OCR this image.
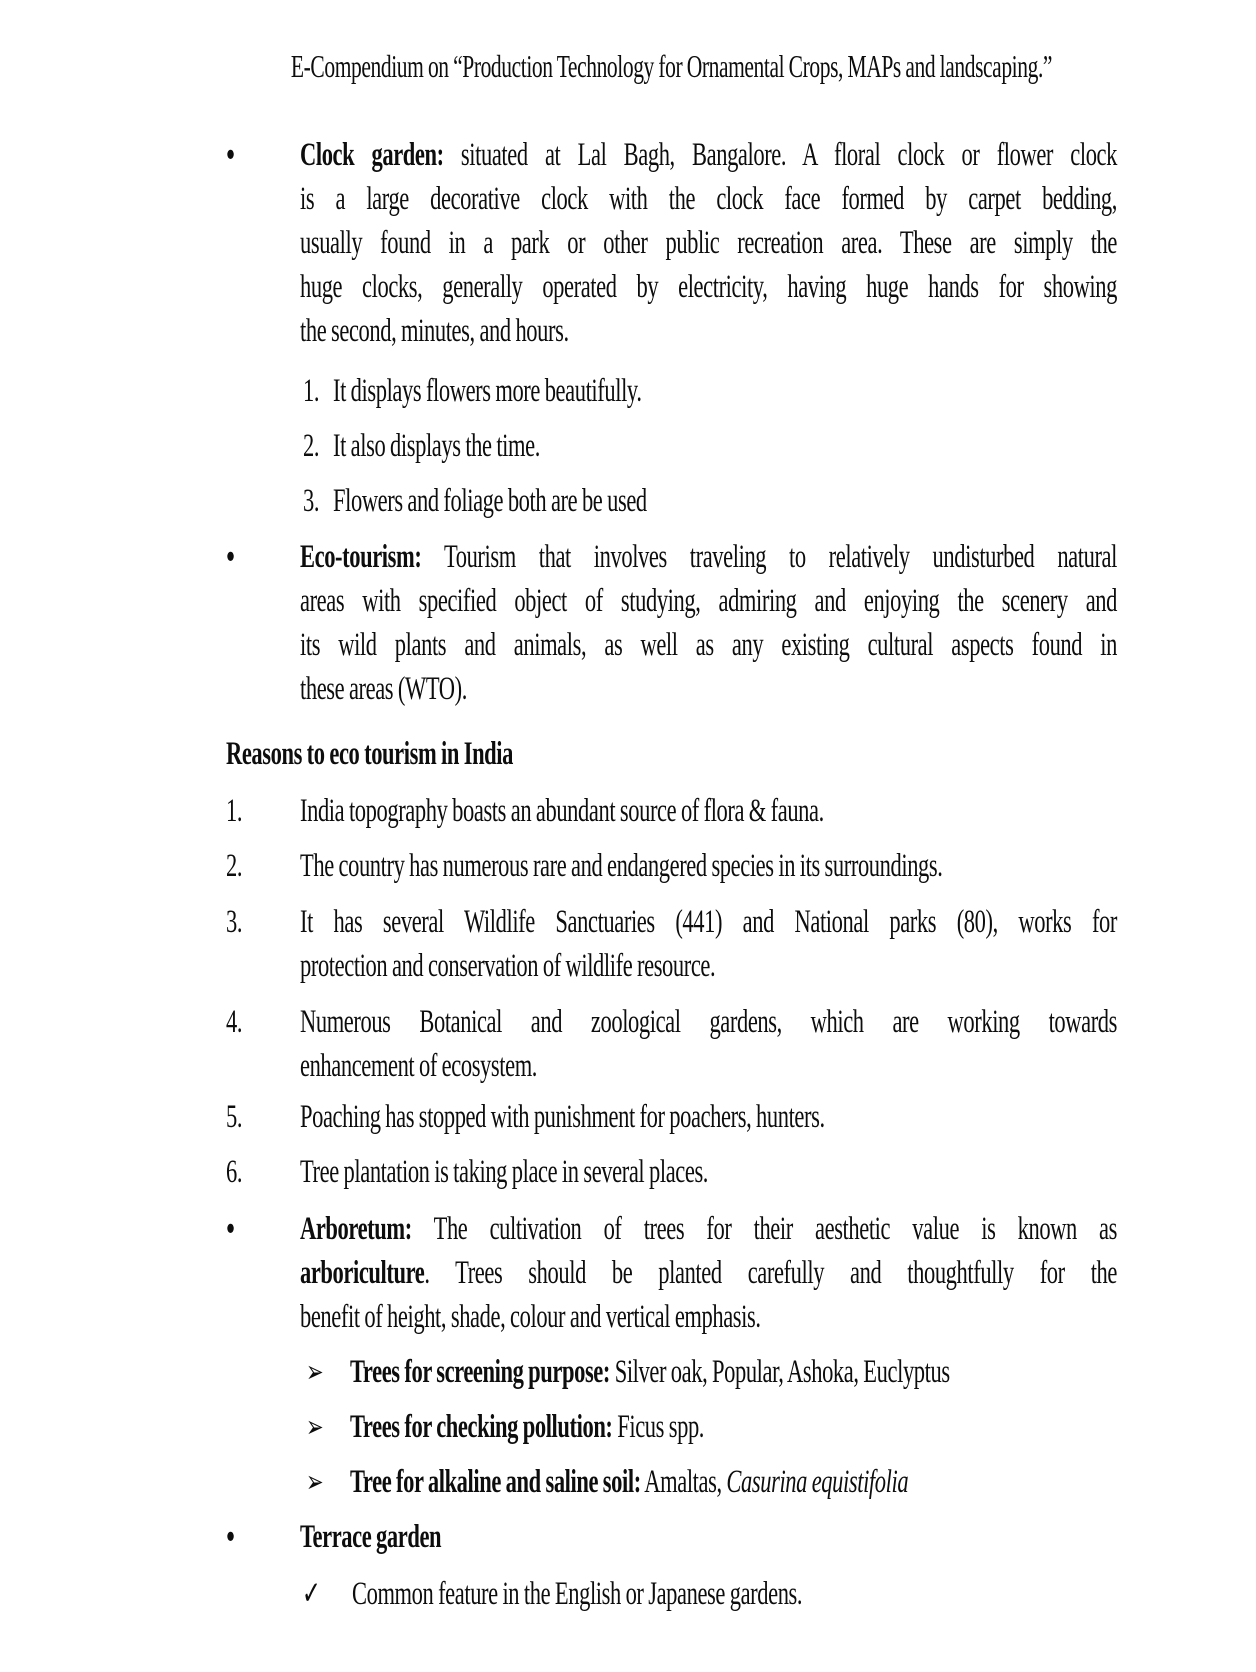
E-Compendium on “Production Technology for Ornamental Crops, MAPs and landscaping.”
●	Clock garden: situated at Lal Bagh, Bangalore. A floral clock or flower clock
is a large decorative clock with the clock face formed by carpet bedding,
usually found in a park or other public recreation area. These are simply the
huge clocks, generally operated by electricity, having huge hands for showing
the second, minutes, and hours.
1. It displays flowers more beautifully.
2. It also displays the time.
3. Flowers and foliage both are be used
●	Eco-tourism: Tourism that involves traveling to relatively undisturbed natural
areas with specified object of studying, admiring and enjoying the scenery and
its wild plants and animals, as well as any existing cultural aspects found in
these areas (WTO).
Reasons to eco tourism in India
1.	India topography boasts an abundant source of flora & fauna.
2.	The country has numerous rare and endangered species in its surroundings.
3.	It has several Wildlife Sanctuaries (441) and National parks (80), works for
protection and conservation of wildlife resource.
4.	Numerous Botanical and zoological gardens, which are working towards
enhancement of ecosystem.
5.	Poaching has stopped with punishment for poachers, hunters.
6.	Tree plantation is taking place in several places.
●	Arboretum: The cultivation of trees for their aesthetic value is known as
arboriculture. Trees should be planted carefully and thoughtfully for the
benefit of height, shade, colour and vertical emphasis.
➢ Trees for screening purpose: Silver oak, Popular, Ashoka, Euclyptus
➢ Trees for checking pollution: Ficus spp.
➢ Tree for alkaline and saline soil: Amaltas, Casurina equistifolia
●	Terrace garden
✓ Common feature in the English or Japanese gardens.
